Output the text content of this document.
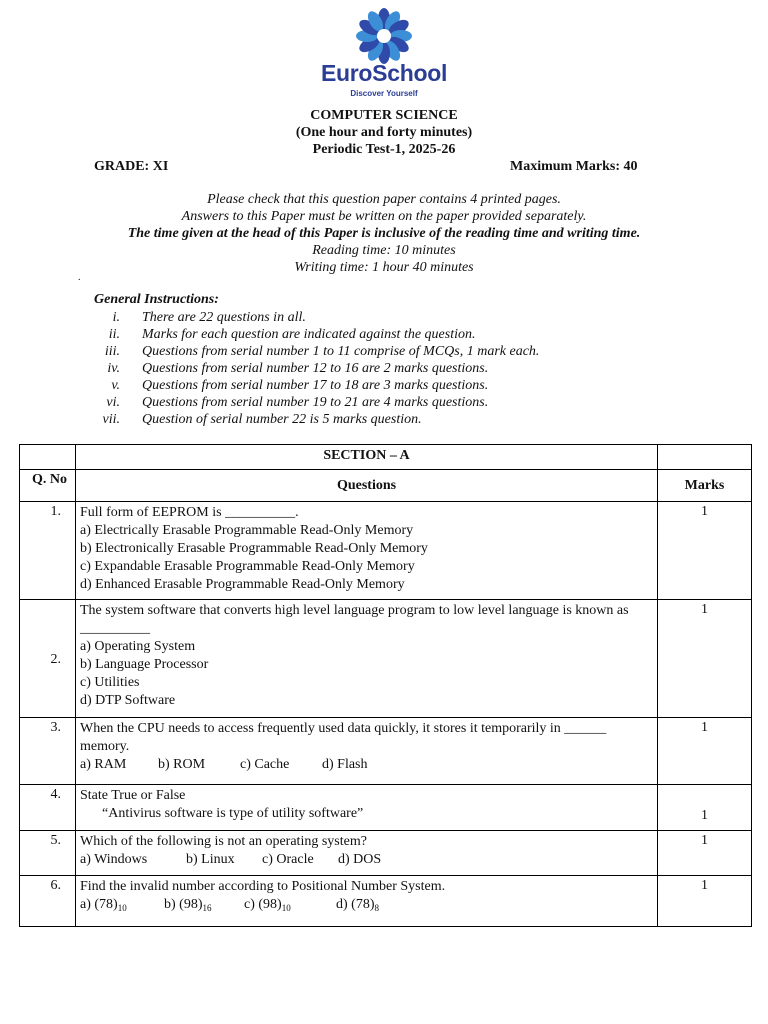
EuroSchool
Discover Yourself
COMPUTER SCIENCE
(One hour and forty minutes)
Periodic Test-1, 2025-26
GRADE: XI	Maximum Marks: 40
Please check that this question paper contains 4 printed pages.
Answers to this Paper must be written on the paper provided separately.
The time given at the head of this Paper is inclusive of the reading time and writing time.
Reading time: 10 minutes
Writing time: 1 hour 40 minutes
.
General Instructions:
i. There are 22 questions in all.
ii. Marks for each question are indicated against the question.
iii. Questions from serial number 1 to 11 comprise of MCQs, 1 mark each.
iv. Questions from serial number 12 to 16 are 2 marks questions.
v. Questions from serial number 17 to 18 are 3 marks questions.
vi. Questions from serial number 19 to 21 are 4 marks questions.
vii. Question of serial number 22 is 5 marks question.
	SECTION – A	
Q. No	Questions	Marks
1.	Full form of EEPROM is __________.
a) Electrically Erasable Programmable Read-Only Memory
b) Electronically Erasable Programmable Read-Only Memory
c) Expandable Erasable Programmable Read-Only Memory
d) Enhanced Erasable Programmable Read-Only Memory	1
2.	The system software that converts high level language program to low level language is known as __________
a) Operating System
b) Language Processor
c) Utilities
d) DTP Software	1
3.	When the CPU needs to access frequently used data quickly, it stores it temporarily in ______ memory.
a) RAM b) ROM c) Cache d) Flash	1
4.	State True or False
“Antivirus software is type of utility software”	1
5.	Which of the following is not an operating system?
a) Windows b) Linux c) Oracle d) DOS	1
6.	Find the invalid number according to Positional Number System.
a) $(78)_{10}$ b) $(98)_{16}$ c) $(98)_{10}$ d) $(78)_8$	1
